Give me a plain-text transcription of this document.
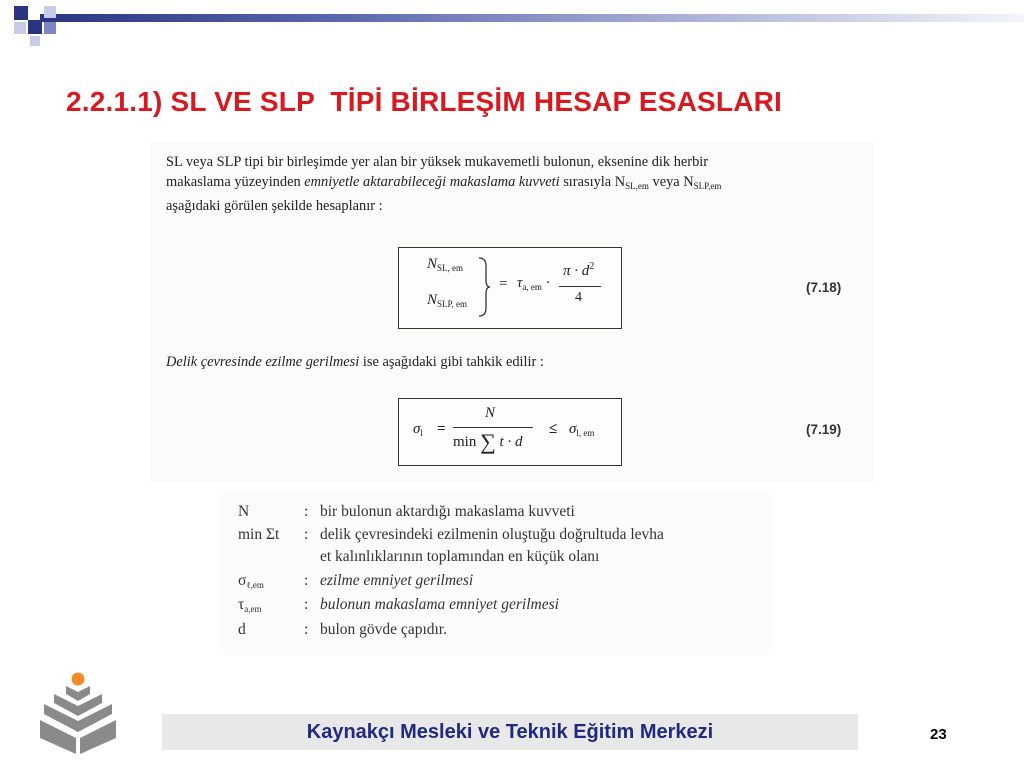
2.2.1.1) SL VE SLP  TİPİ BİRLEŞİM HESAP ESASLARI
SL veya SLP tipi bir birleşimde yer alan bir yüksek mukavemetli bulonun, eksenine dik herbir
makaslama yüzeyinden emniyetle aktarabileceği makaslama kuvveti sırasıyla $N_{SL,em}$ veya $N_{SLP,em}$
aşağıdaki görülen şekilde hesaplanır :
$N_{SL, em}$
$N_{SLP, em}$
= $\tau_{a, em}$ ·
$\pi \cdot d^2$
4
(7.18)
Delik çevresinde ezilme gerilmesi ise aşağıdaki gibi tahkik edilir :
$\sigma_l$ =
N
min ∑ t · d
≤ $\sigma_{l, em}$	(7.19)
N	: bir bulonun aktardığı makaslama kuvveti
min Σt : delik çevresindeki ezilmenin oluştuğu doğrultuda levha
et kalınlıklarının toplamından en küçük olanı
$\sigma_{\ell,em}$	: ezilme emniyet gerilmesi
$\tau_{a,em}$	: bulonun makaslama emniyet gerilmesi
d	: bulon gövde çapıdır.
Kaynakçı Mesleki ve Teknik Eğitim Merkezi	23
